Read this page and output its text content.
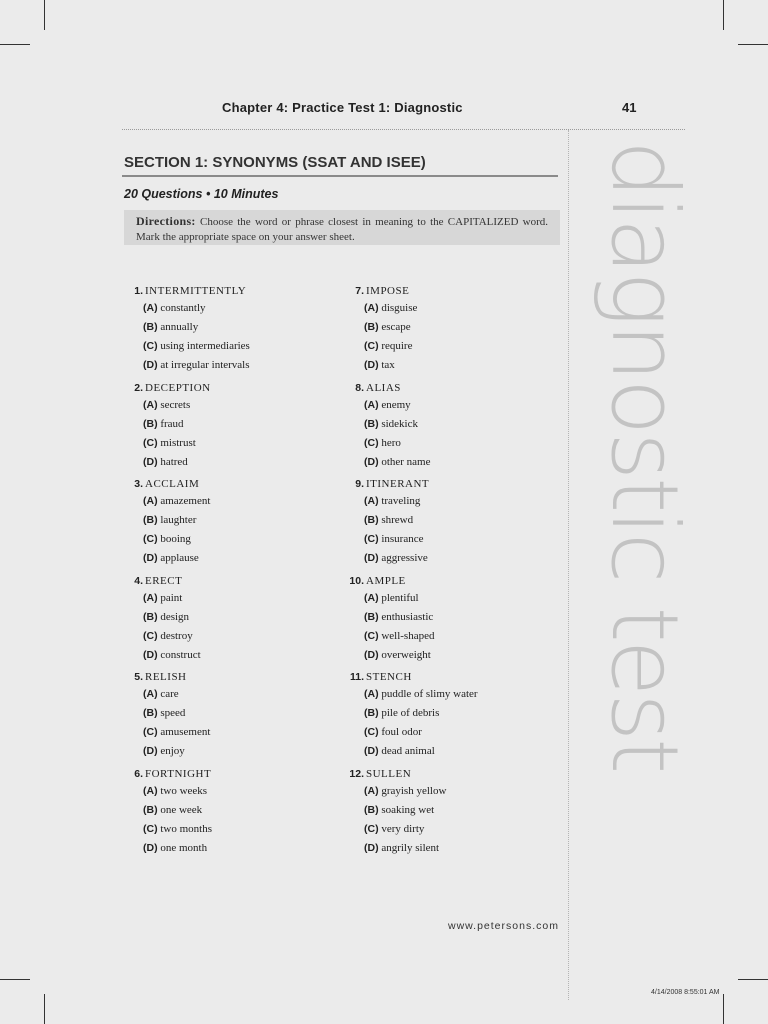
Chapter 4: Practice Test 1: Diagnostic	41
diagnostic test
SECTION 1: SYNONYMS (SSAT AND ISEE)
20 Questions • 10 Minutes
Directions: Choose the word or phrase closest in meaning to the CAPITALIZED word. Mark the appropriate space on your answer sheet.
1. INTERMITTENTLY
(A) constantly
(B) annually
(C) using intermediaries
(D) at irregular intervals
2. DECEPTION
(A) secrets
(B) fraud
(C) mistrust
(D) hatred
3. ACCLAIM
(A) amazement
(B) laughter
(C) booing
(D) applause
4. ERECT
(A) paint
(B) design
(C) destroy
(D) construct
5. RELISH
(A) care
(B) speed
(C) amusement
(D) enjoy
6. FORTNIGHT
(A) two weeks
(B) one week
(C) two months
(D) one month
7. IMPOSE
(A) disguise
(B) escape
(C) require
(D) tax
8. ALIAS
(A) enemy
(B) sidekick
(C) hero
(D) other name
9. ITINERANT
(A) traveling
(B) shrewd
(C) insurance
(D) aggressive
10. AMPLE
(A) plentiful
(B) enthusiastic
(C) well-shaped
(D) overweight
11. STENCH
(A) puddle of slimy water
(B) pile of debris
(C) foul odor
(D) dead animal
12. SULLEN
(A) grayish yellow
(B) soaking wet
(C) very dirty
(D) angrily silent
www.petersons.com
4/14/2008 8:55:01 AM
